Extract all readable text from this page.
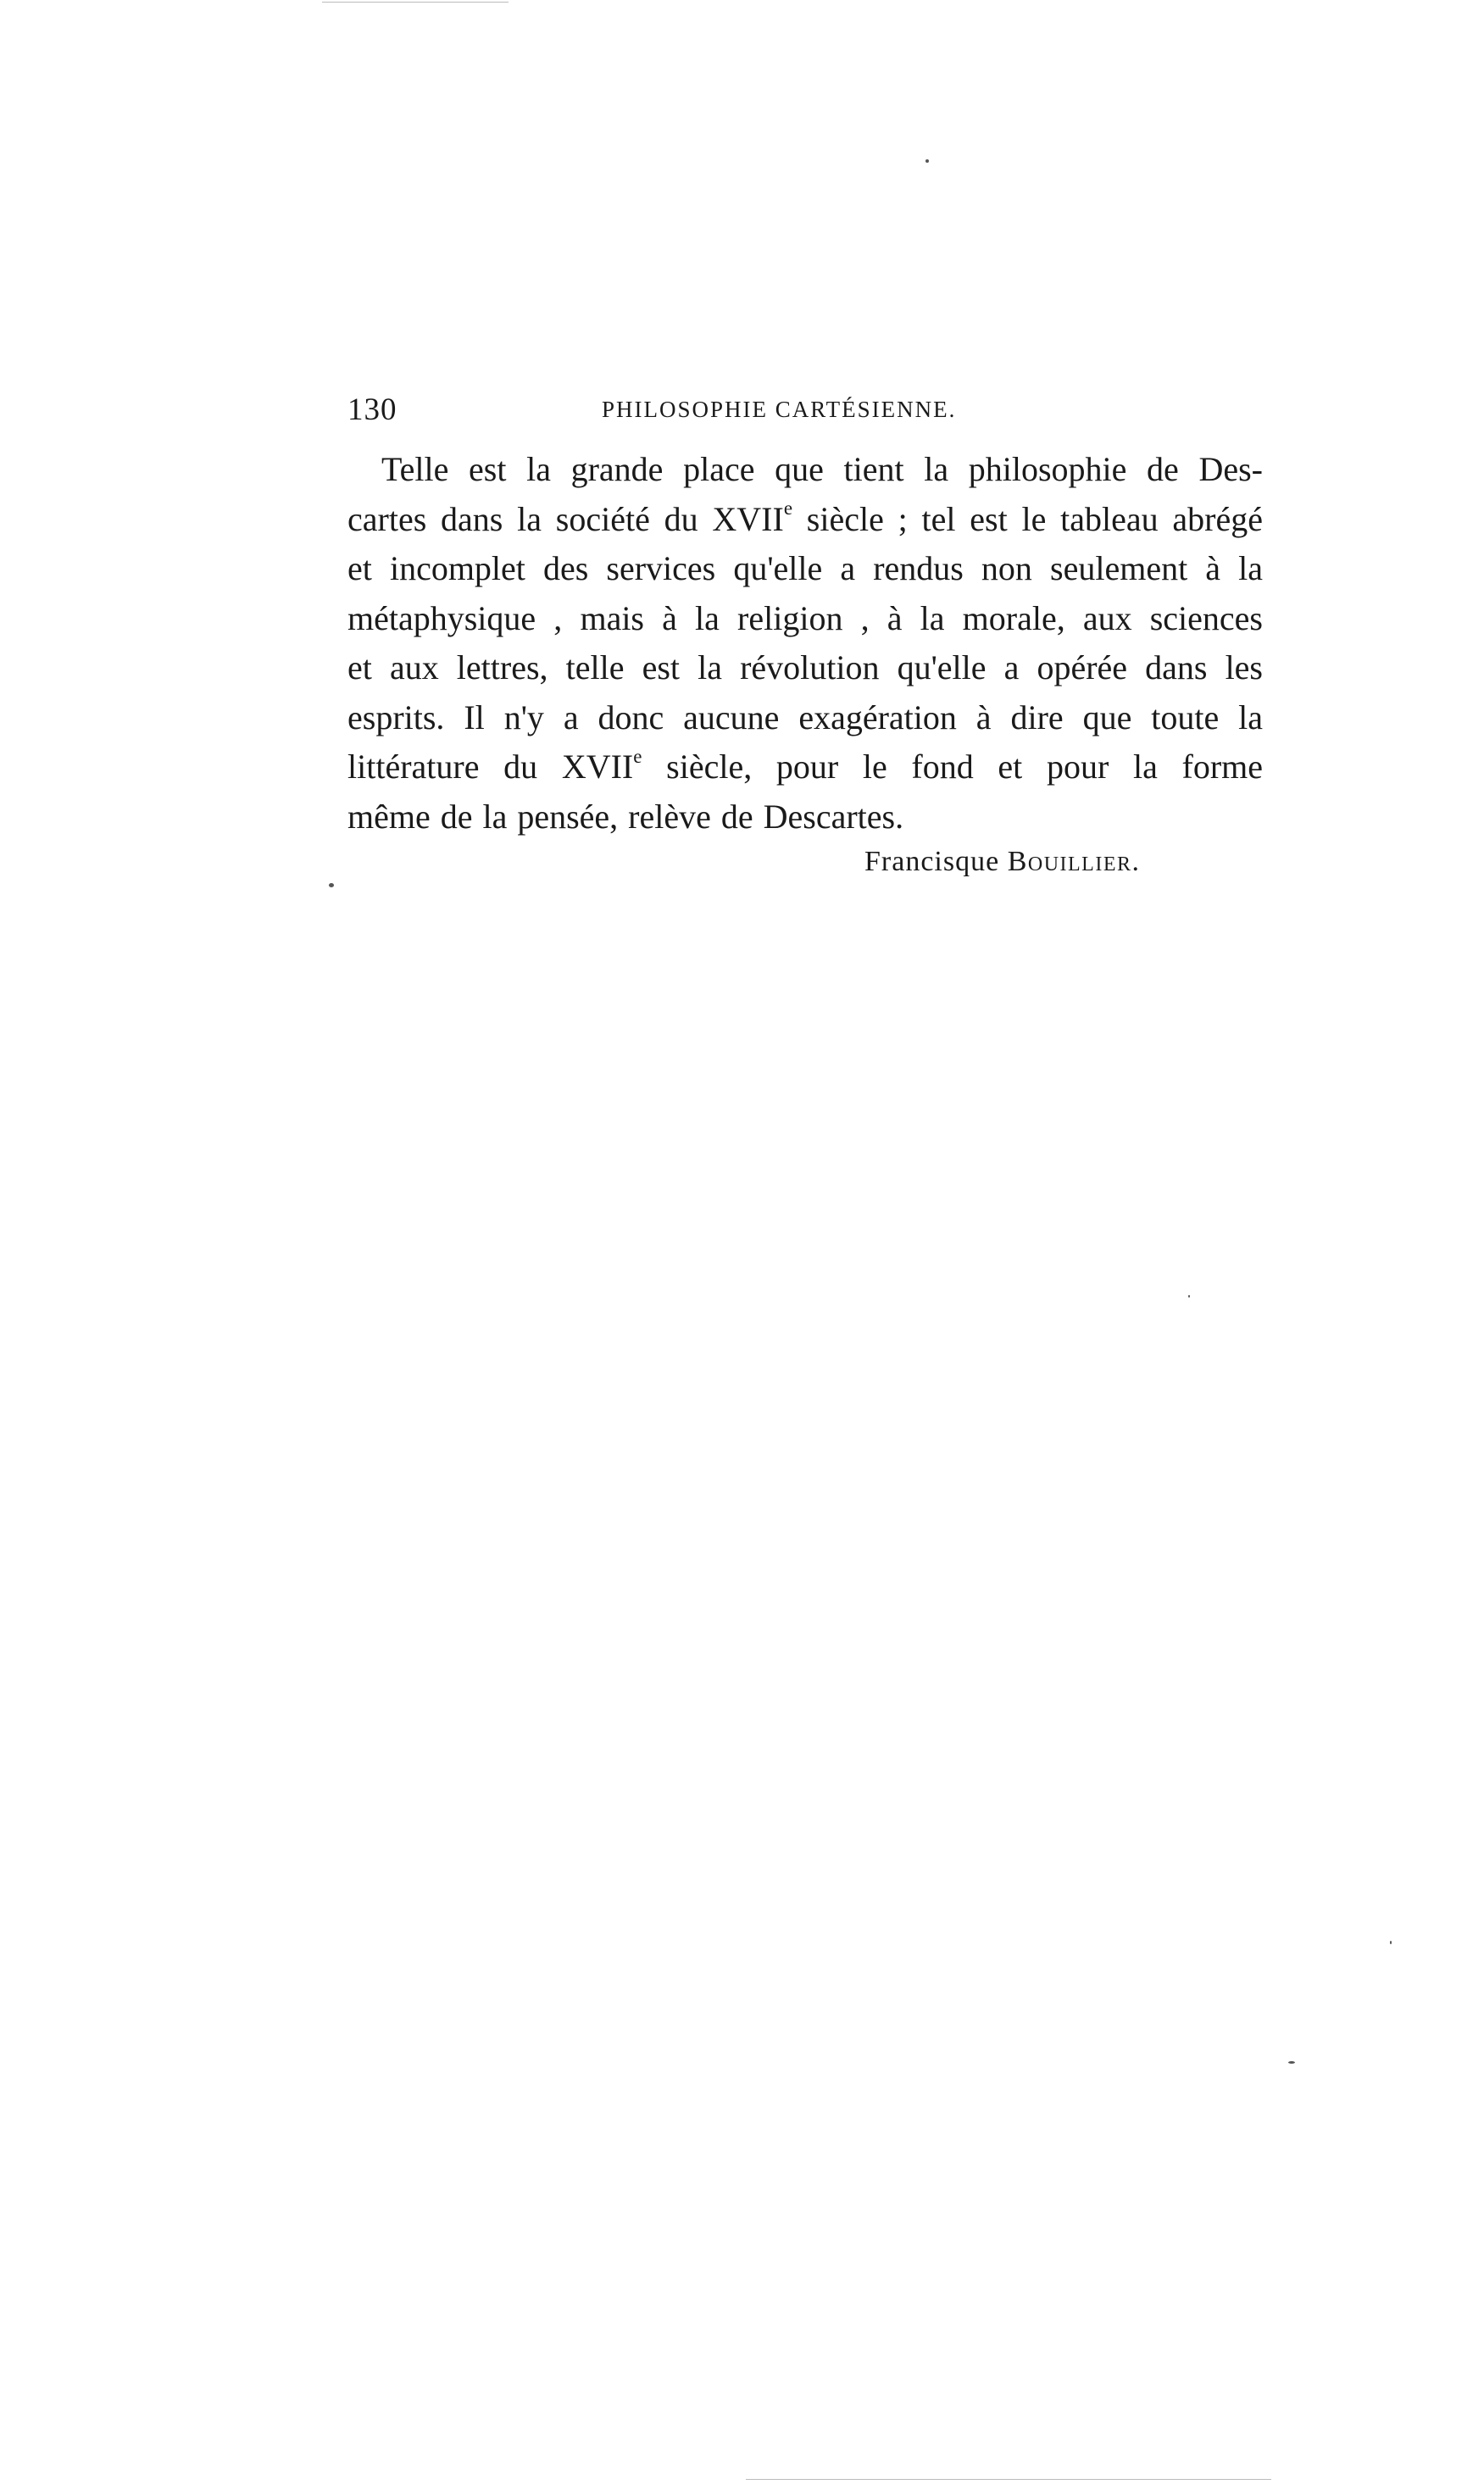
130	PHILOSOPHIE CARTÉSIENNE.
Telle est la grande place que tient la philosophie de Des-
cartes dans la société du XVIIe siècle ; tel est le tableau abrégé
et incomplet des services qu'elle a rendus non seulement à la
métaphysique , mais à la religion , à la morale, aux sciences
et aux lettres, telle est la révolution qu'elle a opérée dans les
esprits. Il n'y a donc aucune exagération à dire que toute la
littérature du XVIIe siècle, pour le fond et pour la forme
même de la pensée, relève de Descartes.
Francisque Bouillier.
